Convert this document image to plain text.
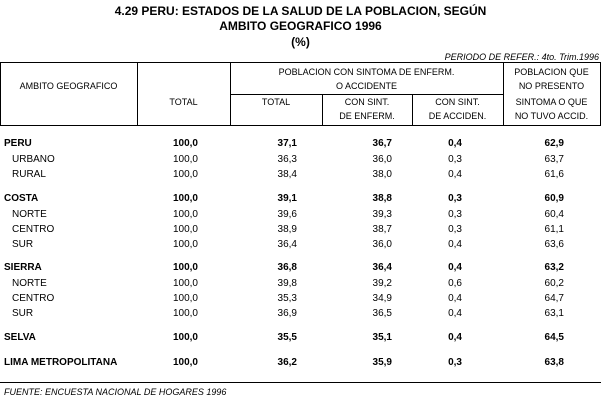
4.29 PERU: ESTADOS DE LA SALUD DE LA POBLACION, SEGÚN
AMBITO GEOGRAFICO 1996
(%)
PERIODO DE REFER.: 4to. Trim.1996
AMBITO GEOGRAFICO
TOTAL
POBLACION CON SINTOMA DE ENFERM.
O ACCIDENTE
TOTAL	CON SINT.
DE ENFERM.
CON SINT.
DE ACCIDEN.
POBLACION QUE
NO PRESENTO
SINTOMA O QUE
NO TUVO ACCID.
PERU	100,0	37,1	36,7	0,4	62,9
URBANO	100,0	36,3	36,0	0,3	63,7
RURAL	100,0	38,4	38,0	0,4	61,6
COSTA	100,0	39,1	38,8	0,3	60,9
NORTE	100,0	39,6	39,3	0,3	60,4
CENTRO	100,0	38,9	38,7	0,3	61,1
SUR	100,0	36,4	36,0	0,4	63,6
SIERRA	100,0	36,8	36,4	0,4	63,2
NORTE	100,0	39,8	39,2	0,6	60,2
CENTRO	100,0	35,3	34,9	0,4	64,7
SUR	100,0	36,9	36,5	0,4	63,1
SELVA	100,0	35,5	35,1	0,4	64,5
LIMA METROPOLITANA	100,0	36,2	35,9	0,3	63,8
FUENTE: ENCUESTA NACIONAL DE HOGARES 1996
